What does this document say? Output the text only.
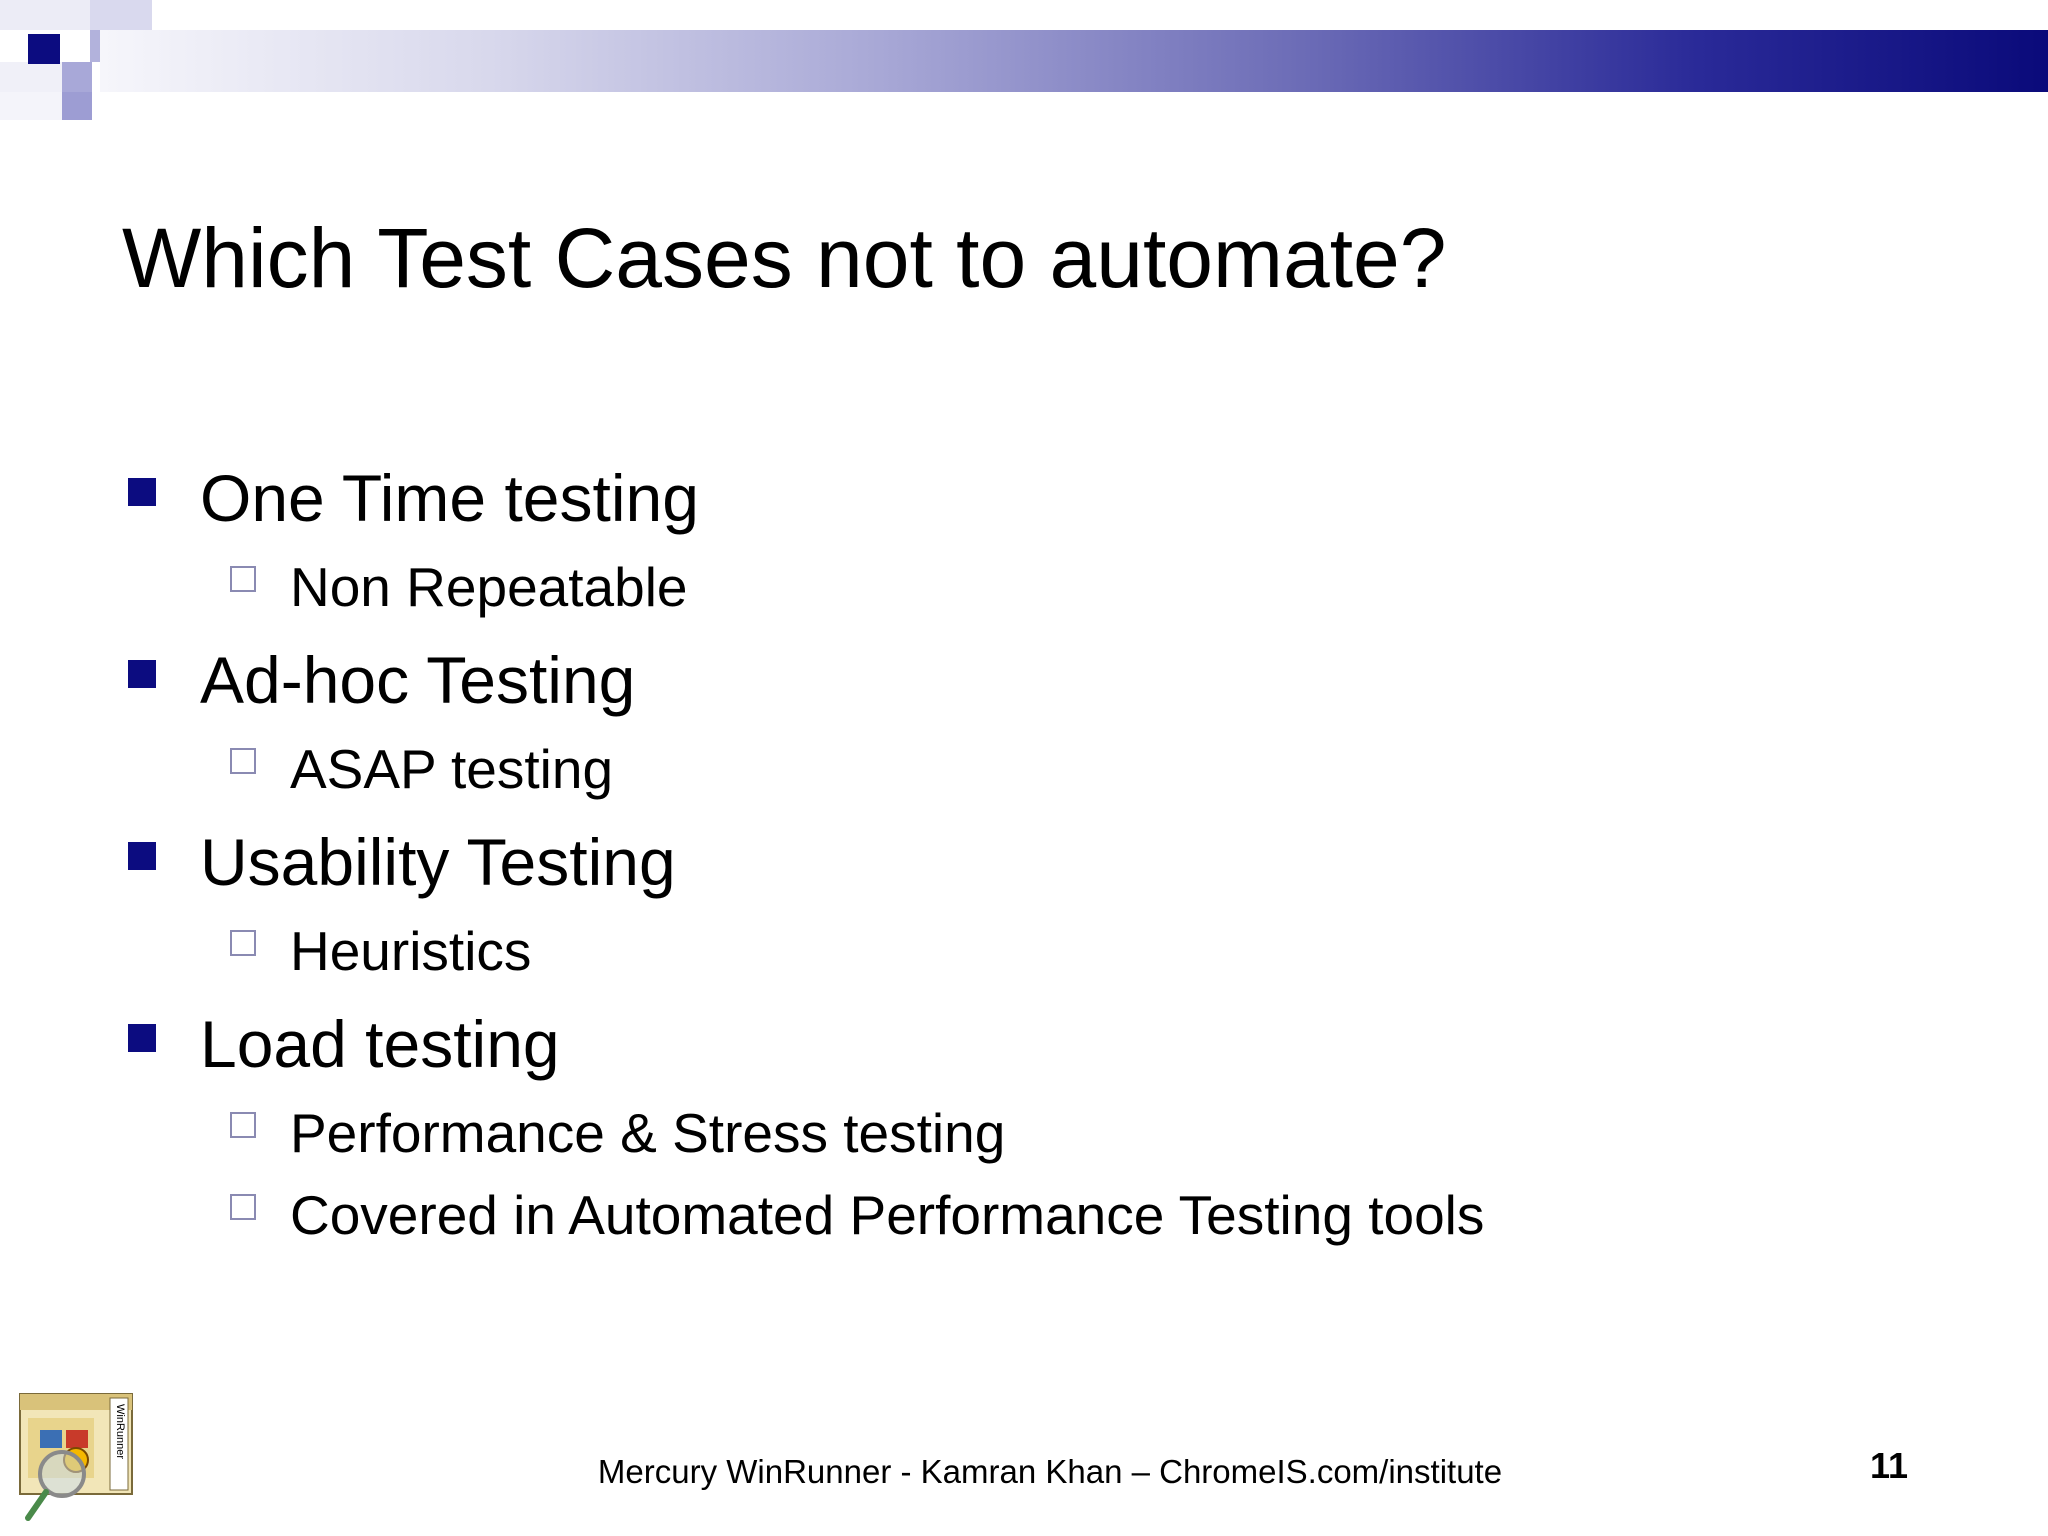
Which Test Cases not to automate?
One Time testing
Non Repeatable
Ad-hoc Testing
ASAP testing
Usability Testing
Heuristics
Load testing
Performance & Stress testing
Covered in Automated Performance Testing tools
WinRunner
Mercury WinRunner - Kamran Khan – ChromeIS.com/institute	11
